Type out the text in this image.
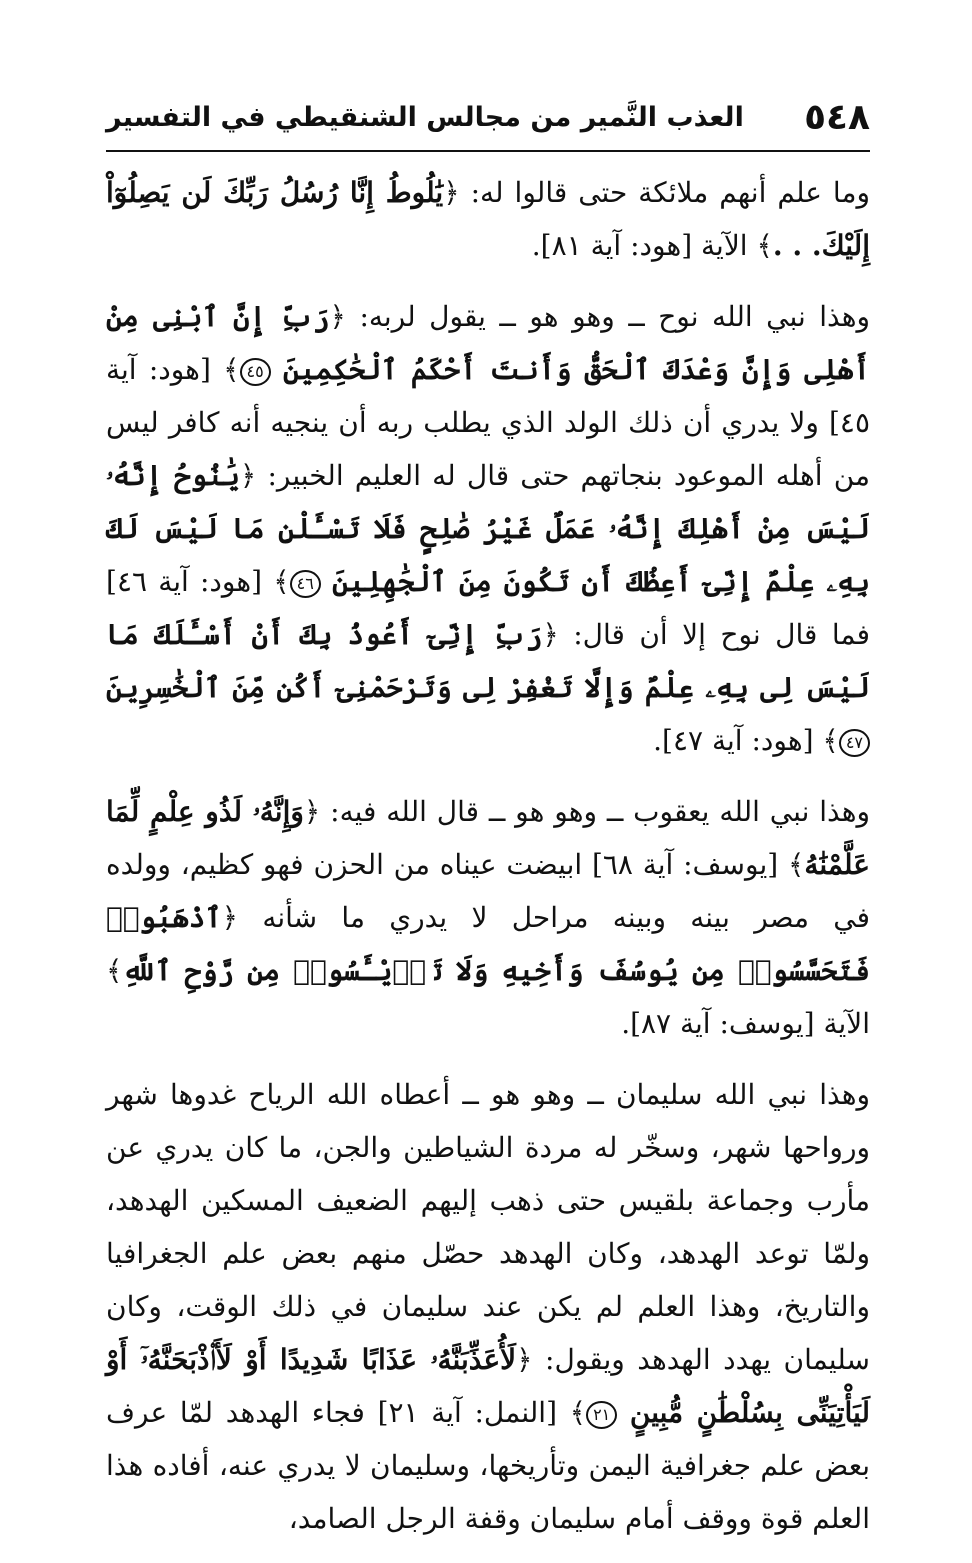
٥٤٨
العذب النَّمير من مجالس الشنقيطي في التفسير

وما علم أنهم ملائكة حتى قالوا له: ﴿يَٰلُوطُ إِنَّا رُسُلُ رَبِّكَ لَن يَصِلُوٓاْ إِلَيْكَ. . .﴾ الآية [هود: آية ٨١].

وهذا نبي الله نوح ــ وهو هو ــ يقول لربه: ﴿رَبِّ إِنَّ ٱبْنِى مِنْ أَهْلِى وَإِنَّ وَعْدَكَ ٱلْحَقُّ وَأَنتَ أَحْكَمُ ٱلْحَٰكِمِينَ ٤٥﴾ [هود: آية ٤٥] ولا يدري أن ذلك الولد الذي يطلب ربه أن ينجيه أنه كافر ليس من أهله الموعود بنجاتهم حتى قال له العليم الخبير: ﴿يَٰنُوحُ إِنَّهُۥ لَيْسَ مِنْ أَهْلِكَ إِنَّهُۥ عَمَلٌ غَيْرُ صَٰلِحٍ فَلَا تَسْـَٔلْنِ مَا لَيْسَ لَكَ بِهِۦ عِلْمٌ إِنِّىٓ أَعِظُكَ أَن تَكُونَ مِنَ ٱلْجَٰهِلِينَ ٤٦﴾ [هود: آية ٤٦] فما قال نوح إلا أن قال: ﴿رَبِّ إِنِّىٓ أَعُوذُ بِكَ أَنْ أَسْـَٔلَكَ مَا لَيْسَ لِى بِهِۦ عِلْمٌ وَإِلَّا تَغْفِرْ لِى وَتَرْحَمْنِىٓ أَكُن مِّنَ ٱلْخَٰسِرِينَ ٤٧﴾ [هود: آية ٤٧].

وهذا نبي الله يعقوب ــ وهو هو ــ قال الله فيه: ﴿وَإِنَّهُۥ لَذُو عِلْمٍ لِّمَا عَلَّمْنَٰهُ﴾ [يوسف: آية ٦٨] ابيضت عيناه من الحزن فهو كظيم، وولده في مصر بينه وبينه مراحل لا يدري ما شأنه ﴿ٱذْهَبُوا۟ فَتَحَسَّسُوا۟ مِن يُوسُفَ وَأَخِيهِ وَلَا تَا۟يْـَٔسُوا۟ مِن رَّوْحِ ٱللَّهِ﴾ الآية [يوسف: آية ٨٧].

وهذا نبي الله سليمان ــ وهو هو ــ أعطاه الله الرياح غدوها شهر ورواحها شهر، وسخّر له مردة الشياطين والجن، ما كان يدري عن مأرب وجماعة بلقيس حتى ذهب إليهم الضعيف المسكين الهدهد، ولمّا توعد الهدهد، وكان الهدهد حصّل منهم بعض علم الجغرافيا والتاريخ، وهذا العلم لم يكن عند سليمان في ذلك الوقت، وكان سليمان يهدد الهدهد ويقول: ﴿لَأُعَذِّبَنَّهُۥ عَذَابًا شَدِيدًا أَوْ لَأَا۟ذْبَحَنَّهُۥٓ أَوْ لَيَأْتِيَنِّى بِسُلْطَٰنٍ مُّبِينٍ ٢١﴾ [النمل: آية ٢١] فجاء الهدهد لمّا عرف بعض علم جغرافية اليمن وتأريخها، وسليمان لا يدري عنه، أفاده هذا العلم قوة ووقف أمام سليمان وقفة الرجل الصامد،
